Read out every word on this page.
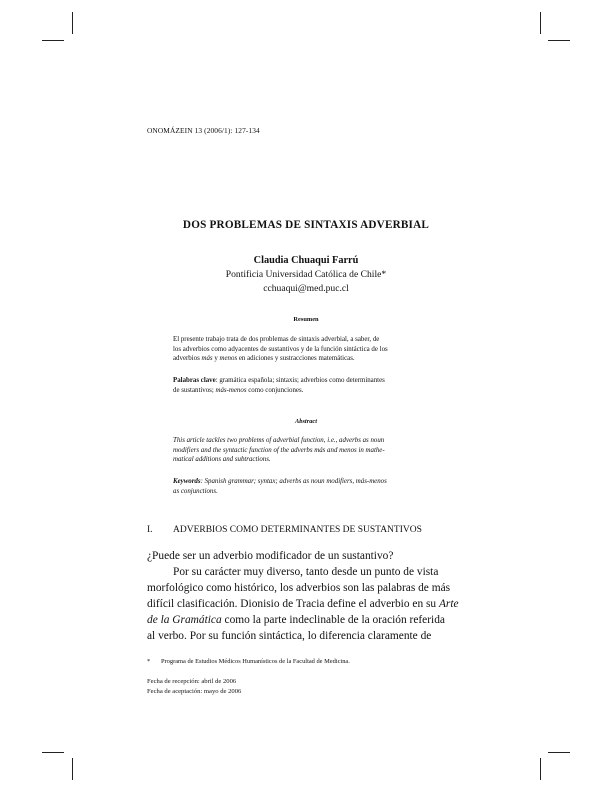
ONOMÁZEIN 13 (2006/1): 127-134
DOS PROBLEMAS DE SINTAXIS ADVERBIAL
Claudia Chuaqui Farrú
Pontificia Universidad Católica de Chile*
cchuaqui@med.puc.cl
Resumen
El presente trabajo trata de dos problemas de sintaxis adverbial, a saber, de
los adverbios como adyacentes de sustantivos y de la función sintáctica de los
adverbios más y menos en adiciones y sustracciones matemáticas.
Palabras clave: gramática española; sintaxis; adverbios como determinantes
de sustantivos; más-menos como conjunciones.
Abstract
This article tackles two problems of adverbial function, i.e., adverbs as noun
modifiers and the syntactic function of the adverbs más and menos in mathe-
matical additions and subtractions.
Keywords: Spanish grammar; syntax; adverbs as noun modifiers, más-menos
as conjunctions.
I. ADVERBIOS COMO DETERMINANTES DE SUSTANTIVOS
¿Puede ser un adverbio modificador de un sustantivo?
Por su carácter muy diverso, tanto desde un punto de vista
morfológico como histórico, los adverbios son las palabras de más
difícil clasificación. Dionisio de Tracia define el adverbio en su Arte
de la Gramática como la parte indeclinable de la oración referida
al verbo. Por su función sintáctica, lo diferencia claramente de
* Programa de Estudios Médicos Humanísticos de la Facultad de Medicina.
Fecha de recepción: abril de 2006
Fecha de aceptación: mayo de 2006
